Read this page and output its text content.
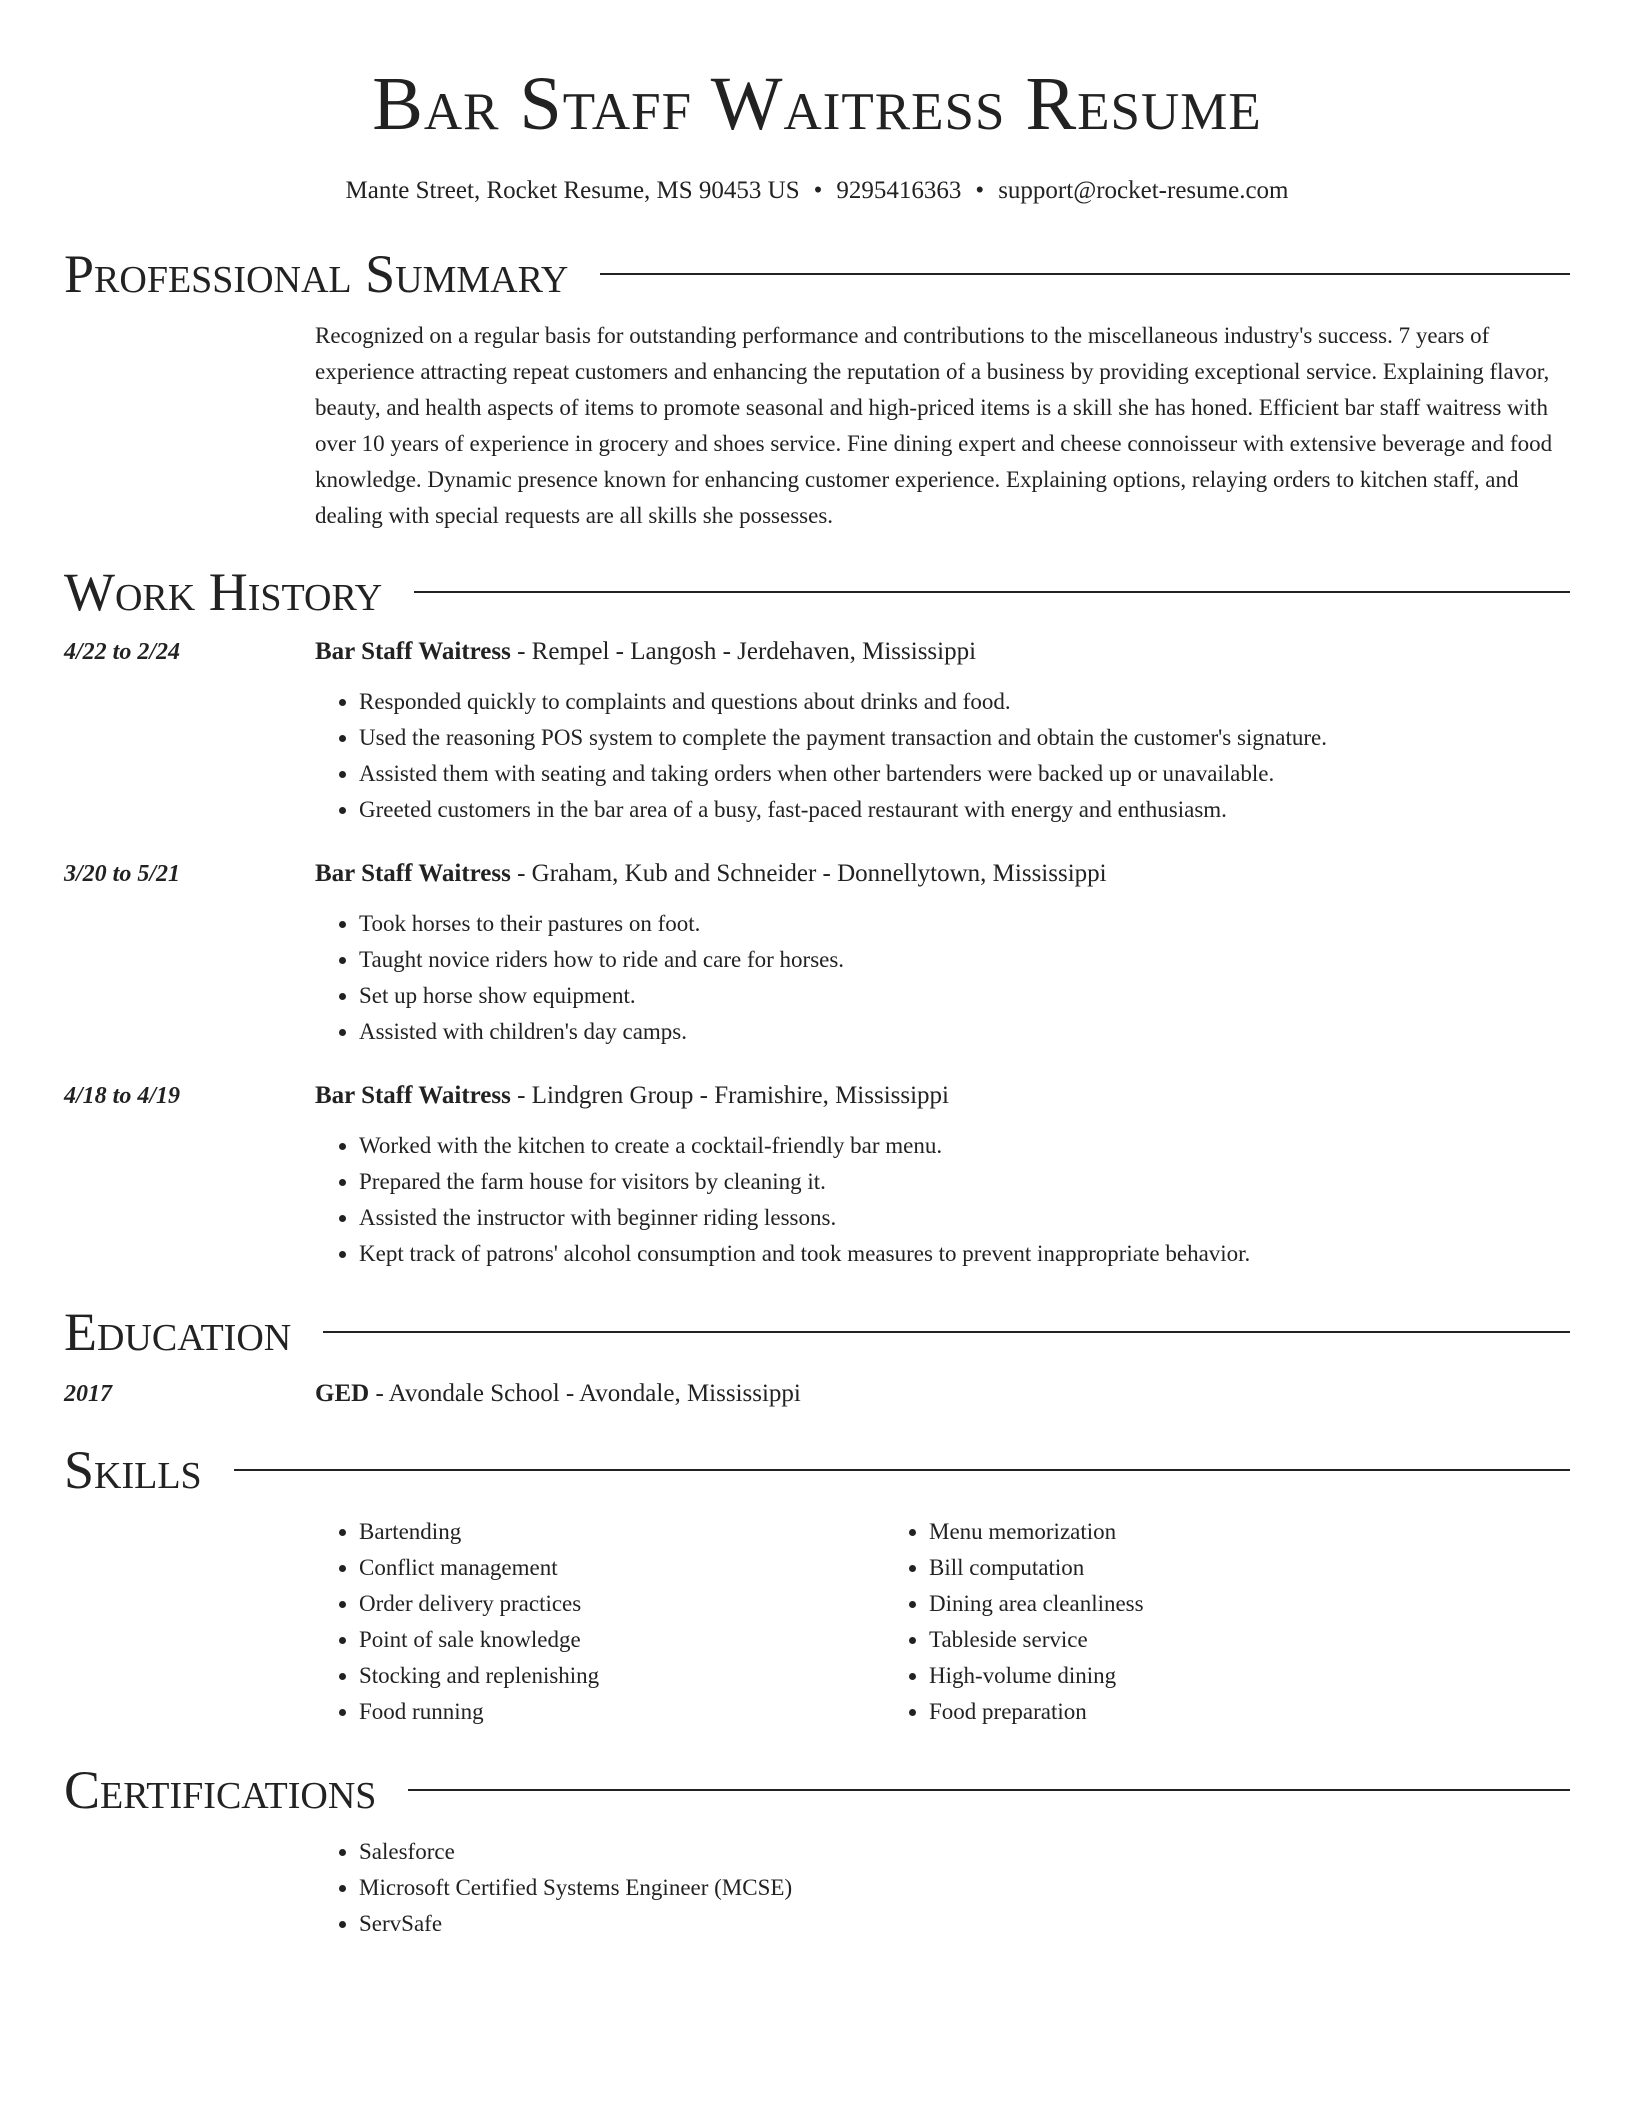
Bar Staff Waitress Resume
Mante Street, Rocket Resume, MS 90453 US • 9295416363 • support@rocket-resume.com
Professional Summary
Recognized on a regular basis for outstanding performance and contributions to the miscellaneous industry's success. 7 years of experience attracting repeat customers and enhancing the reputation of a business by providing exceptional service. Explaining flavor, beauty, and health aspects of items to promote seasonal and high-priced items is a skill she has honed. Efficient bar staff waitress with over 10 years of experience in grocery and shoes service. Fine dining expert and cheese connoisseur with extensive beverage and food knowledge. Dynamic presence known for enhancing customer experience. Explaining options, relaying orders to kitchen staff, and dealing with special requests are all skills she possesses.
Work History
4/22 to 2/24	Bar Staff Waitress - Rempel - Langosh - Jerdehaven, Mississippi
• Responded quickly to complaints and questions about drinks and food.
• Used the reasoning POS system to complete the payment transaction and obtain the customer's signature.
• Assisted them with seating and taking orders when other bartenders were backed up or unavailable.
• Greeted customers in the bar area of a busy, fast-paced restaurant with energy and enthusiasm.
3/20 to 5/21	Bar Staff Waitress - Graham, Kub and Schneider - Donnellytown, Mississippi
• Took horses to their pastures on foot.
• Taught novice riders how to ride and care for horses.
• Set up horse show equipment.
• Assisted with children's day camps.
4/18 to 4/19	Bar Staff Waitress - Lindgren Group - Framishire, Mississippi
• Worked with the kitchen to create a cocktail-friendly bar menu.
• Prepared the farm house for visitors by cleaning it.
• Assisted the instructor with beginner riding lessons.
• Kept track of patrons' alcohol consumption and took measures to prevent inappropriate behavior.
Education
2017	GED - Avondale School - Avondale, Mississippi
Skills
• Bartending
• Conflict management
• Order delivery practices
• Point of sale knowledge
• Stocking and replenishing
• Food running
• Menu memorization
• Bill computation
• Dining area cleanliness
• Tableside service
• High-volume dining
• Food preparation
Certifications
• Salesforce
• Microsoft Certified Systems Engineer (MCSE)
• ServSafe
